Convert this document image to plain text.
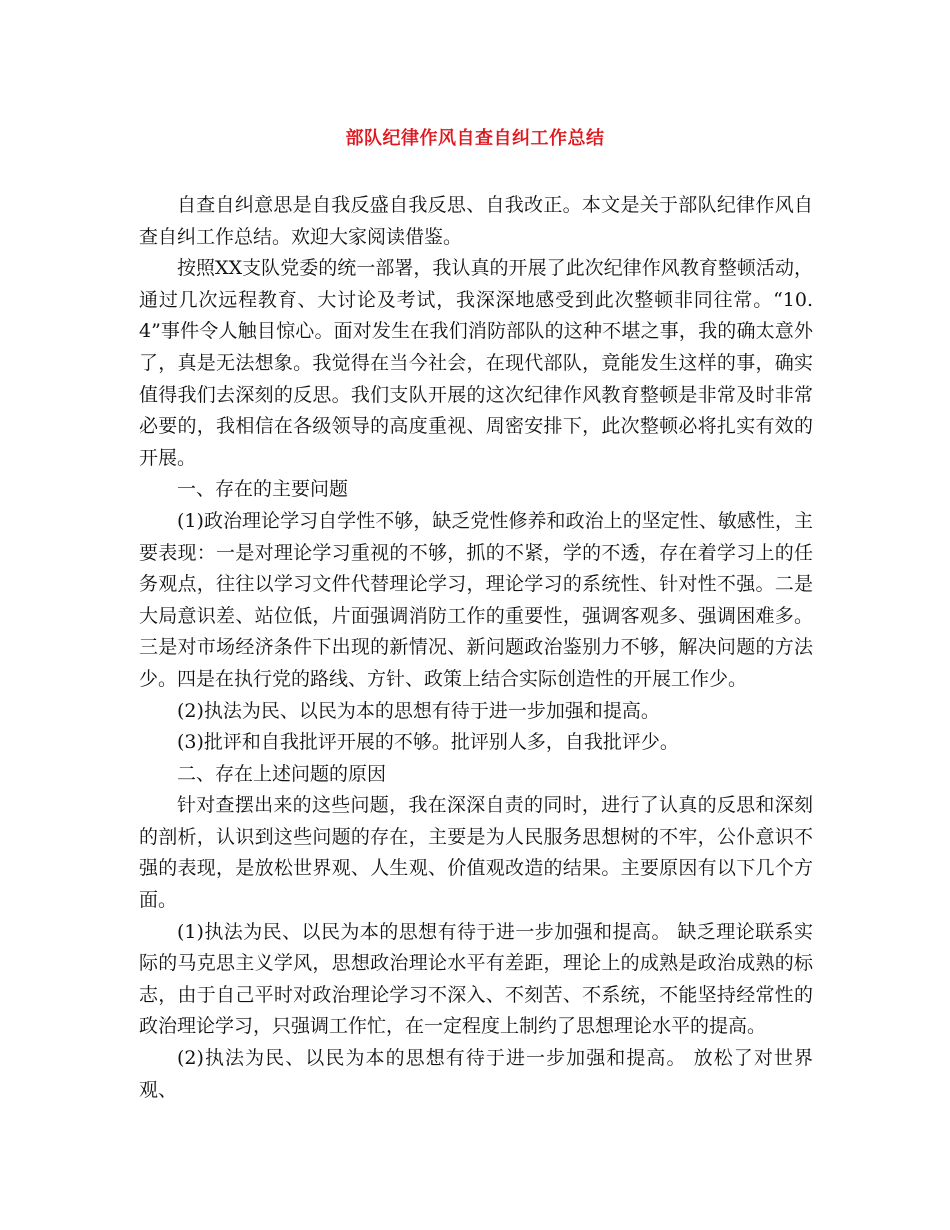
部队纪律作风自查自纠工作总结

自查自纠意思是自我反盛自我反思、自我改正。本文是关于部队纪律作风自查自纠工作总结。欢迎大家阅读借鉴。

按照XX支队党委的统一部署，我认真的开展了此次纪律作风教育整顿活动，通过几次远程教育、大讨论及考试，我深深地感受到此次整顿非同往常。“10.4”事件令人触目惊心。面对发生在我们消防部队的这种不堪之事，我的确太意外了，真是无法想象。我觉得在当今社会，在现代部队，竟能发生这样的事，确实值得我们去深刻的反思。我们支队开展的这次纪律作风教育整顿是非常及时非常必要的，我相信在各级领导的高度重视、周密安排下，此次整顿必将扎实有效的开展。

一、存在的主要问题

(1)政治理论学习自学性不够，缺乏党性修养和政治上的坚定性、敏感性，主要表现：一是对理论学习重视的不够，抓的不紧，学的不透，存在着学习上的任务观点，往往以学习文件代替理论学习，理论学习的系统性、针对性不强。二是大局意识差、站位低，片面强调消防工作的重要性，强调客观多、强调困难多。三是对市场经济条件下出现的新情况、新问题政治鉴别力不够，解决问题的方法少。四是在执行党的路线、方针、政策上结合实际创造性的开展工作少。

(2)执法为民、以民为本的思想有待于进一步加强和提高。

(3)批评和自我批评开展的不够。批评别人多，自我批评少。

二、存在上述问题的原因

针对查摆出来的这些问题，我在深深自责的同时，进行了认真的反思和深刻的剖析，认识到这些问题的存在，主要是为人民服务思想树的不牢，公仆意识不强的表现，是放松世界观、人生观、价值观改造的结果。主要原因有以下几个方面。

(1)执法为民、以民为本的思想有待于进一步加强和提高。 缺乏理论联系实际的马克思主义学风，思想政治理论水平有差距，理论上的成熟是政治成熟的标志，由于自己平时对政治理论学习不深入、不刻苦、不系统，不能坚持经常性的政治理论学习，只强调工作忙，在一定程度上制约了思想理论水平的提高。

(2)执法为民、以民为本的思想有待于进一步加强和提高。 放松了对世界观、
